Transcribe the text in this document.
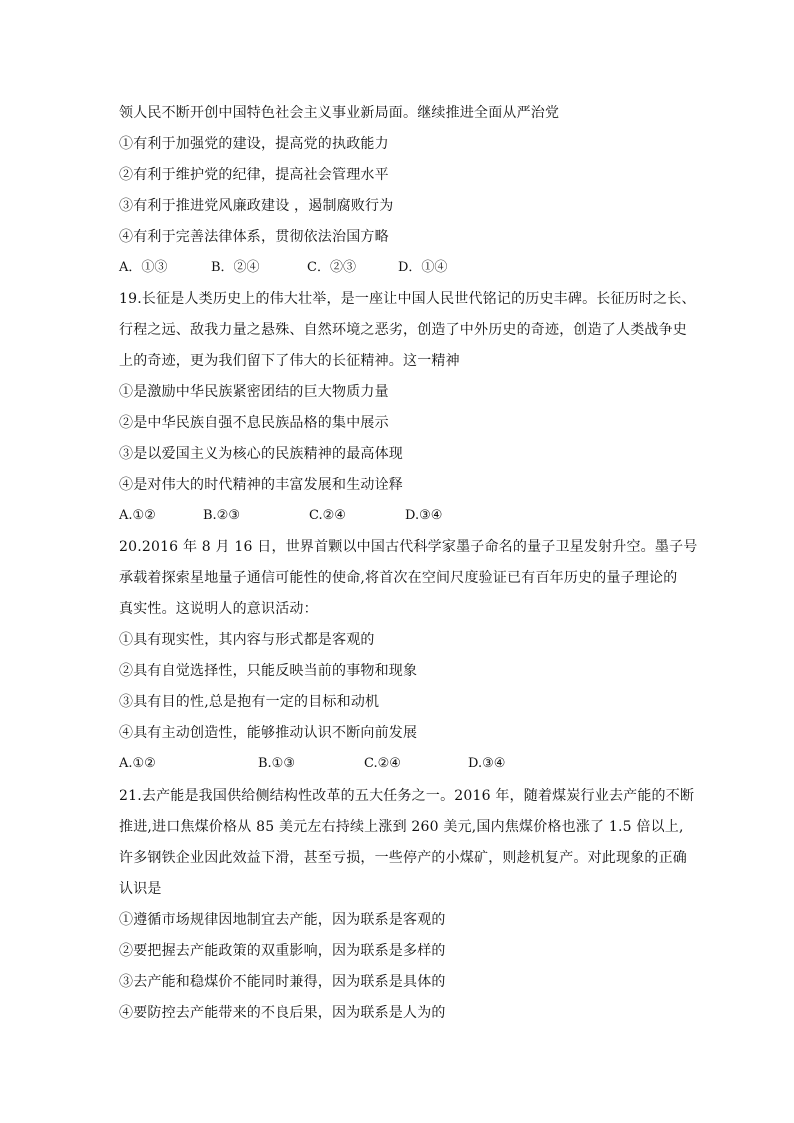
领人民不断开创中国特色社会主义事业新局面。继续推进全面从严治党
①有利于加强党的建设，提高党的执政能力
②有利于维护党的纪律，提高社会管理水平
③有利于推进党风廉政建设 ，遏制腐败行为
④有利于完善法律体系，贯彻依法治国方略
A．①③	B．②④	C．②③	D．①④
19.长征是人类历史上的伟大壮举，是一座让中国人民世代铭记的历史丰碑。长征历时之长、
行程之远、敌我力量之悬殊、自然环境之恶劣，创造了中外历史的奇迹，创造了人类战争史
上的奇迹，更为我们留下了伟大的长征精神。这一精神
①是激励中华民族紧密团结的巨大物质力量
②是中华民族自强不息民族品格的集中展示
③是以爱国主义为核心的民族精神的最高体现
④是对伟大的时代精神的丰富发展和生动诠释
A.①②	B.②③	C.②④	D.③④
20.2016 年 8 月 16 日，世界首颗以中国古代科学家墨子命名的量子卫星发射升空。墨子号
承载着探索星地量子通信可能性的使命,将首次在空间尺度验证已有百年历史的量子理论的
真实性。这说明人的意识活动：
①具有现实性，其内容与形式都是客观的
②具有自觉选择性，只能反映当前的事物和现象
③具有目的性,总是抱有一定的目标和动机
④具有主动创造性，能够推动认识不断向前发展
A.①②	B.①③	C.②④	D.③④
21.去产能是我国供给侧结构性改革的五大任务之一。2016 年，随着煤炭行业去产能的不断
推进,进口焦煤价格从 85 美元左右持续上涨到 260 美元,国内焦煤价格也涨了 1.5 倍以上,
许多钢铁企业因此效益下滑，甚至亏损，一些停产的小煤矿，则趁机复产。对此现象的正确
认识是
①遵循市场规律因地制宜去产能，因为联系是客观的
②要把握去产能政策的双重影响，因为联系是多样的
③去产能和稳煤价不能同时兼得，因为联系是具体的
④要防控去产能带来的不良后果，因为联系是人为的
